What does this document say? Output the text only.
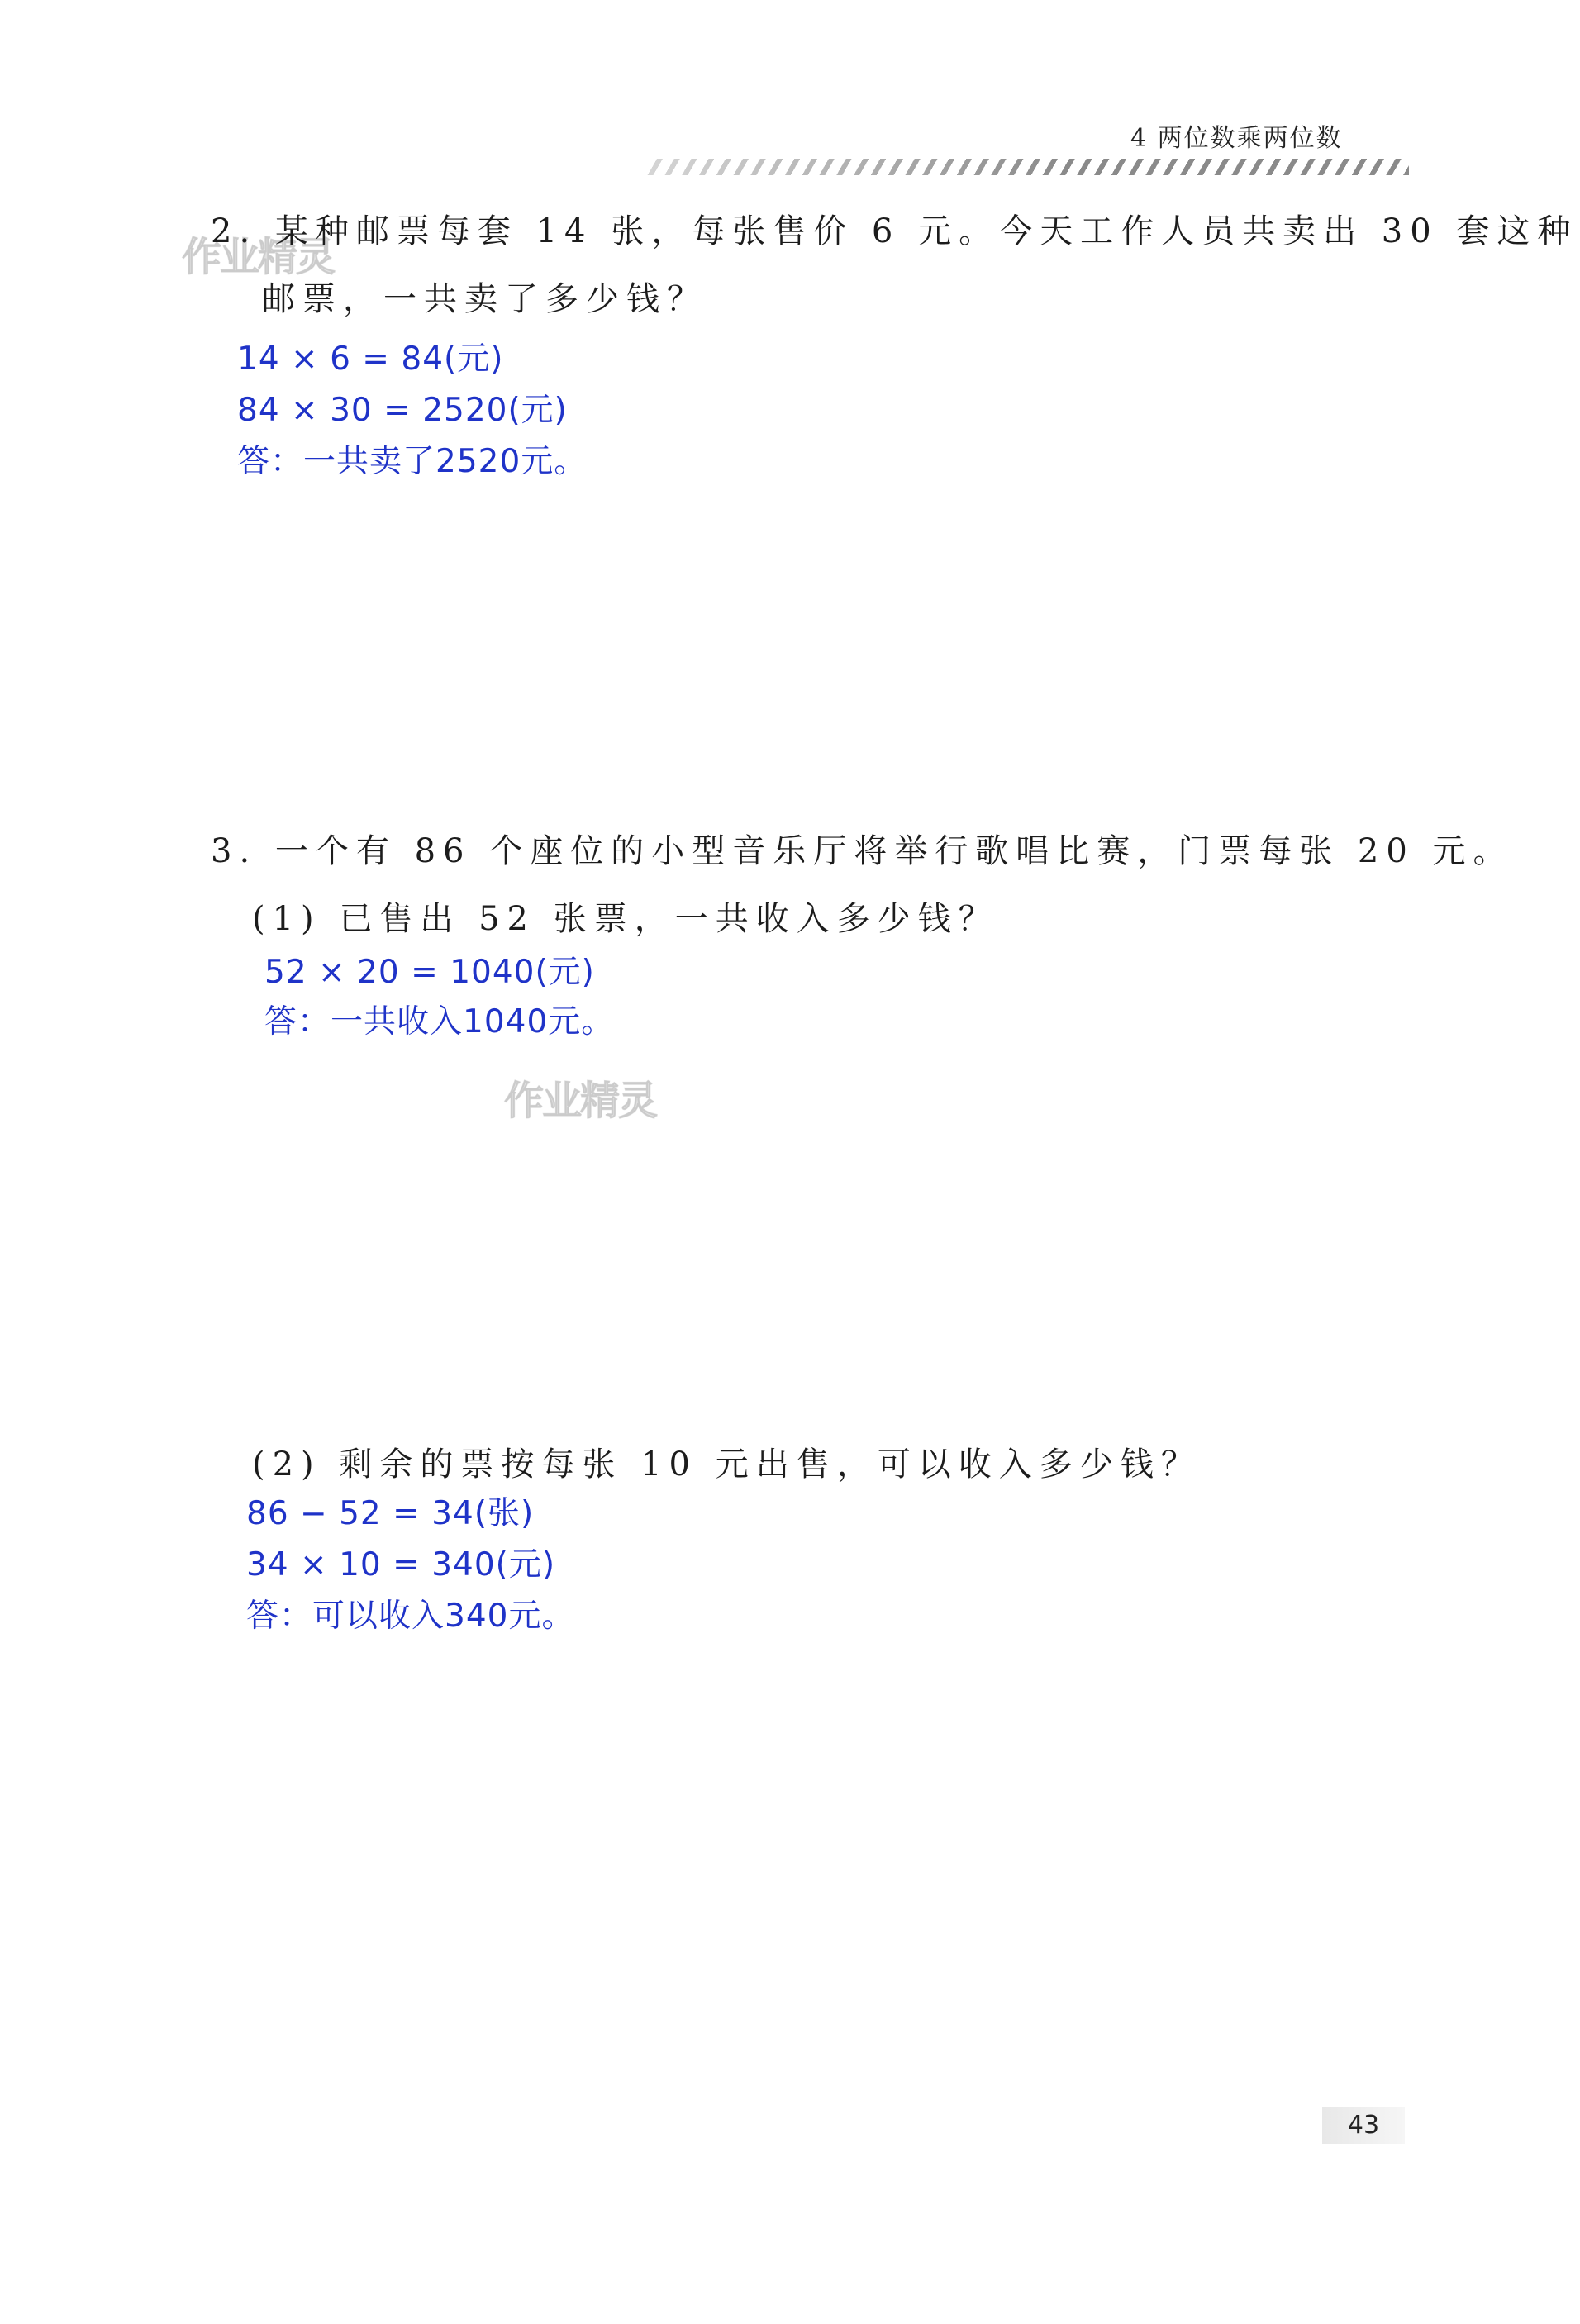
4 两位数乘两位数
作业精灵
作业精灵
2. 某种邮票每套 14 张，每张售价 6 元。今天工作人员共卖出 30 套这种
邮票，一共卖了多少钱？
14 × 6 = 84(元)
84 × 30 = 2520(元)
答：一共卖了2520元。
3. 一个有 86 个座位的小型音乐厅将举行歌唱比赛，门票每张 20 元。
(1) 已售出 52 张票，一共收入多少钱？
52 × 20 = 1040(元)
答：一共收入1040元。
(2) 剩余的票按每张 10 元出售，可以收入多少钱？
86 − 52 = 34(张)
34 × 10 = 340(元)
答：可以收入340元。
43
